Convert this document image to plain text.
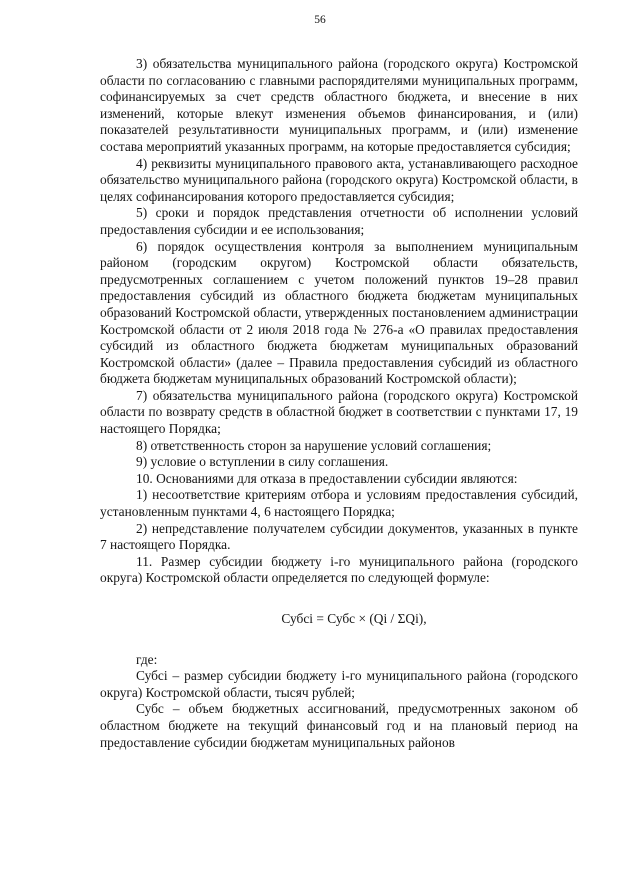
56

3) обязательства муниципального района (городского округа) Костромской области по согласованию с главными распорядителями муниципальных программ, софинансируемых за счет средств областного бюджета, и внесение в них изменений, которые влекут изменения объемов финансирования, и (или) показателей результативности муниципальных программ, и (или) изменение состава мероприятий указанных программ, на которые предоставляется субсидия;

4) реквизиты муниципального правового акта, устанавливающего расходное обязательство муниципального района (городского округа) Костромской области, в целях софинансирования которого предоставляется субсидия;

5) сроки и порядок представления отчетности об исполнении условий предоставления субсидии и ее использования;

6) порядок осуществления контроля за выполнением муниципальным районом (городским округом) Костромской области обязательств, предусмотренных соглашением с учетом положений пунктов 19–28 правил предоставления субсидий из областного бюджета бюджетам муниципальных образований Костромской области, утвержденных постановлением администрации Костромской области от 2 июля 2018 года № 276-а «О правилах предоставления субсидий из областного бюджета бюджетам муниципальных образований Костромской области» (далее – Правила предоставления субсидий из областного бюджета бюджетам муниципальных образований Костромской области);

7) обязательства муниципального района (городского округа) Костромской области по возврату средств в областной бюджет в соответствии с пунктами 17, 19 настоящего Порядка;

8) ответственность сторон за нарушение условий соглашения;

9) условие о вступлении в силу соглашения.

10. Основаниями для отказа в предоставлении субсидии являются:

1) несоответствие критериям отбора и условиям предоставления субсидий, установленным пунктами 4, 6 настоящего Порядка;

2) непредставление получателем субсидии документов, указанных в пункте 7 настоящего Порядка.

11. Размер субсидии бюджету i-го муниципального района (городского округа) Костромской области определяется по следующей формуле:

Субсi = Субс × (Qi / ΣQi),

где:

Субсi – размер субсидии бюджету i-го муниципального района (городского округа) Костромской области, тысяч рублей;

Субс – объем бюджетных ассигнований, предусмотренных законом об областном бюджете на текущий финансовый год и на плановый период на предоставление субсидии бюджетам муниципальных районов
